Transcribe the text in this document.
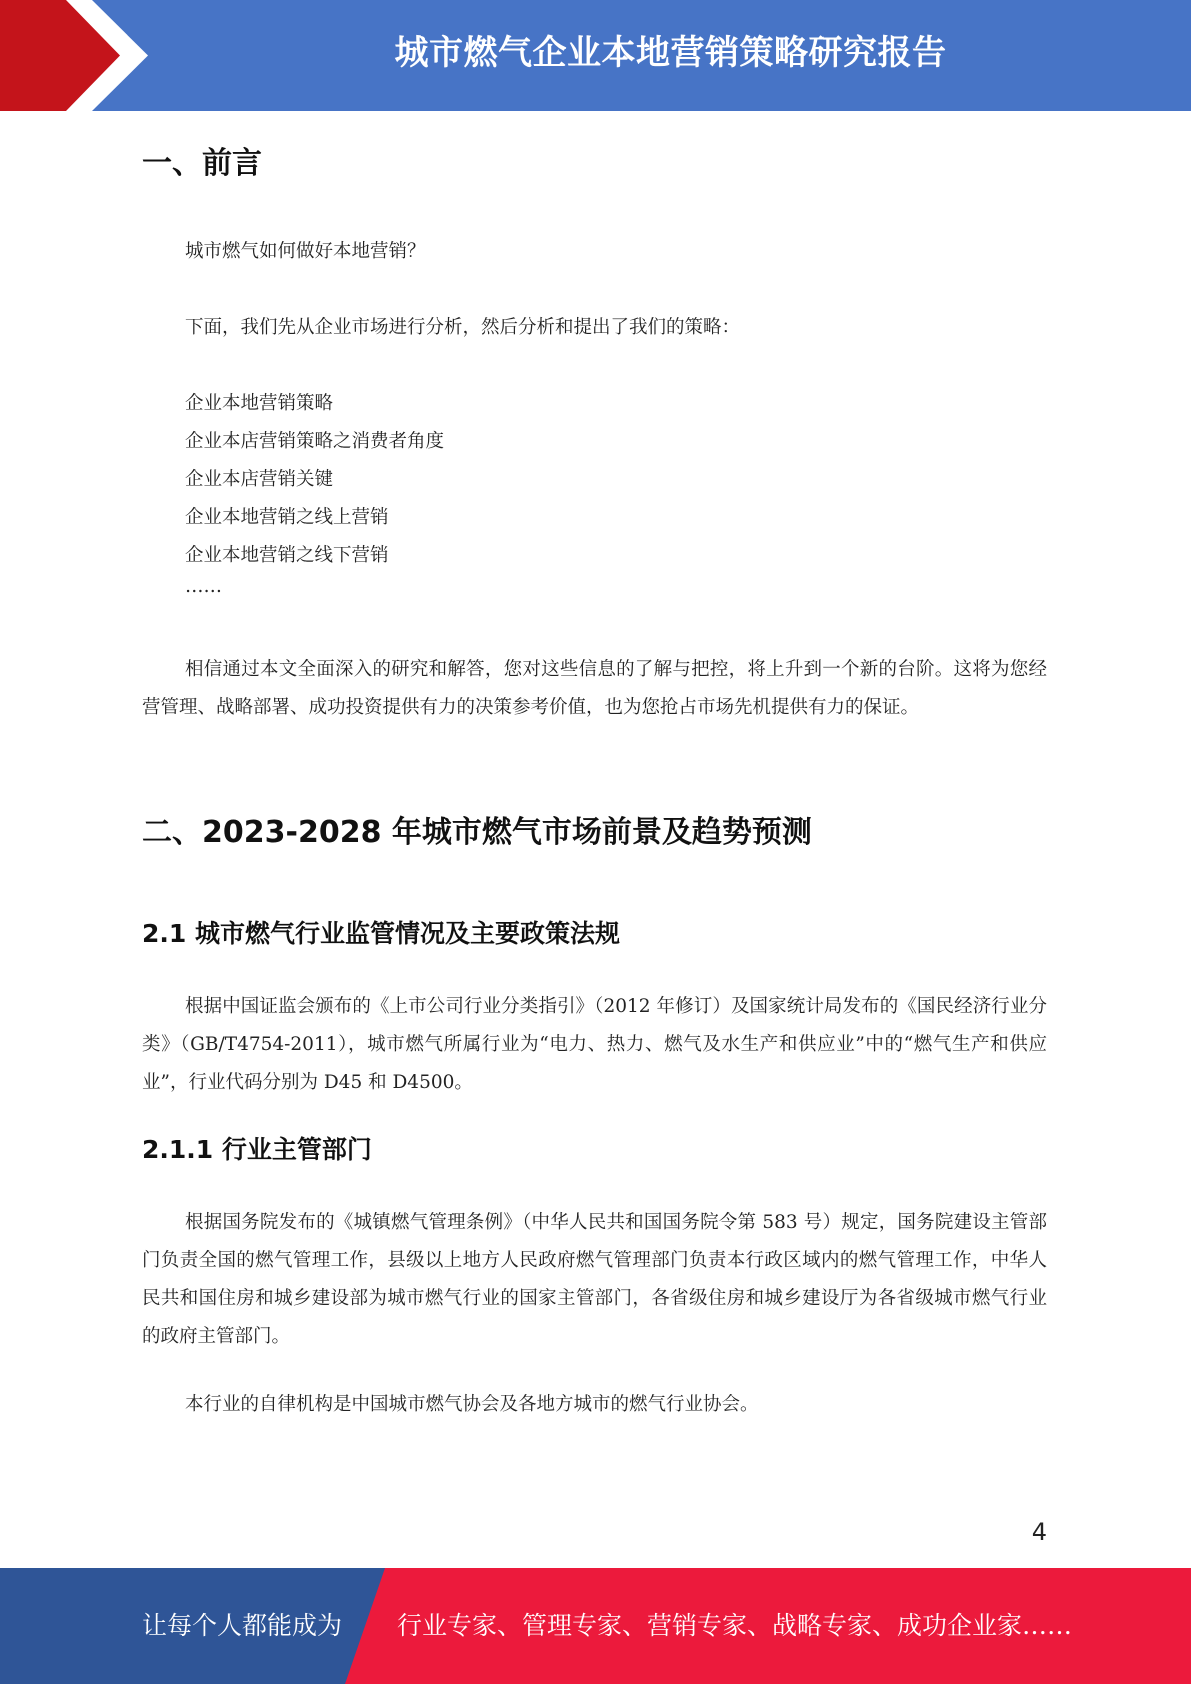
城市燃气企业本地营销策略研究报告
一、前言

城市燃气如何做好本地营销？

下面，我们先从企业市场进行分析，然后分析和提出了我们的策略：

企业本地营销策略
企业本店营销策略之消费者角度
企业本店营销关键
企业本地营销之线上营销
企业本地营销之线下营销
……

相信通过本文全面深入的研究和解答，您对这些信息的了解与把控，将上升到一个新的台阶。这将为您经营管理、战略部署、成功投资提供有力的决策参考价值，也为您抢占市场先机提供有力的保证。

二、2023-2028 年城市燃气市场前景及趋势预测
2.1 城市燃气行业监管情况及主要政策法规

根据中国证监会颁布的《上市公司行业分类指引》（2012 年修订）及国家统计局发布的《国民经济行业分类》（GB/T4754-2011），城市燃气所属行业为“电力、热力、燃气及水生产和供应业”中的“燃气生产和供应业”，行业代码分别为 D45 和 D4500。

2.1.1 行业主管部门

根据国务院发布的《城镇燃气管理条例》（中华人民共和国国务院令第 583 号）规定，国务院建设主管部门负责全国的燃气管理工作，县级以上地方人民政府燃气管理部门负责本行政区域内的燃气管理工作，中华人民共和国住房和城乡建设部为城市燃气行业的国家主管部门，各省级住房和城乡建设厅为各省级城市燃气行业的政府主管部门。

本行业的自律机构是中国城市燃气协会及各地方城市的燃气行业协会。

4
让每个人都能成为 行业专家、管理专家、营销专家、战略专家、成功企业家……
